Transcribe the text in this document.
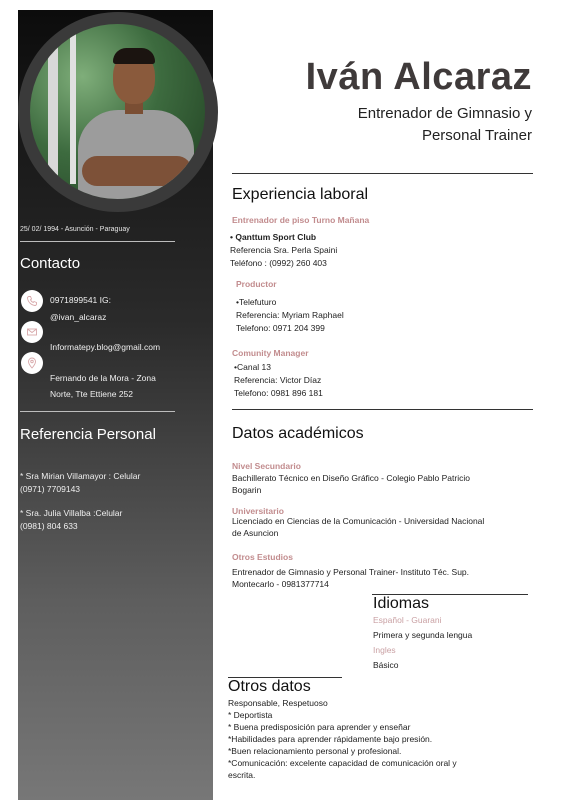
25/ 02/ 1994 - Asunción - Paraguay
Contacto
0971899541 IG:
@ivan_alcaraz
Informatepy.blog@gmail.com
Fernando de la Mora - Zona
Norte, Tte Ettiene 252
Referencia Personal
* Sra Mirian Villamayor : Celular
(0971) 7709143
* Sra. Julia Villalba :Celular
(0981) 804 633
Iván Alcaraz
Entrenador de Gimnasio y
Personal Trainer
Experiencia laboral
Entrenador de piso Turno Mañana
• Qanttum Sport Club
Referencia Sra. Perla Spaini
Teléfono : (0992) 260 403
Productor
•Telefuturo
Referencia: Myriam Raphael
Telefono: 0971 204 399
Comunity Manager
•Canal 13
Referencia: Victor Díaz
Telefono: 0981 896 181
Datos académicos
Nivel Secundario
Bachillerato Técnico en Diseño Gráfico - Colegio Pablo Patricio
Bogarin
Universitario
Licenciado en Ciencias de la Comunicación - Universidad Nacional
de Asuncion
Otros Estudios
Entrenador de Gimnasio y Personal Trainer- Instituto Téc. Sup.
Montecarlo - 0981377714
Idiomas
Español - Guarani
Primera y segunda lengua
Ingles
Básico
Otros datos
Responsable, Respetuoso
* Deportista
* Buena predisposición para aprender y enseñar
*Habilidades para aprender rápidamente bajo presión.
*Buen relacionamiento personal y profesional.
*Comunicación: excelente capacidad de comunicación oral y
escrita.
